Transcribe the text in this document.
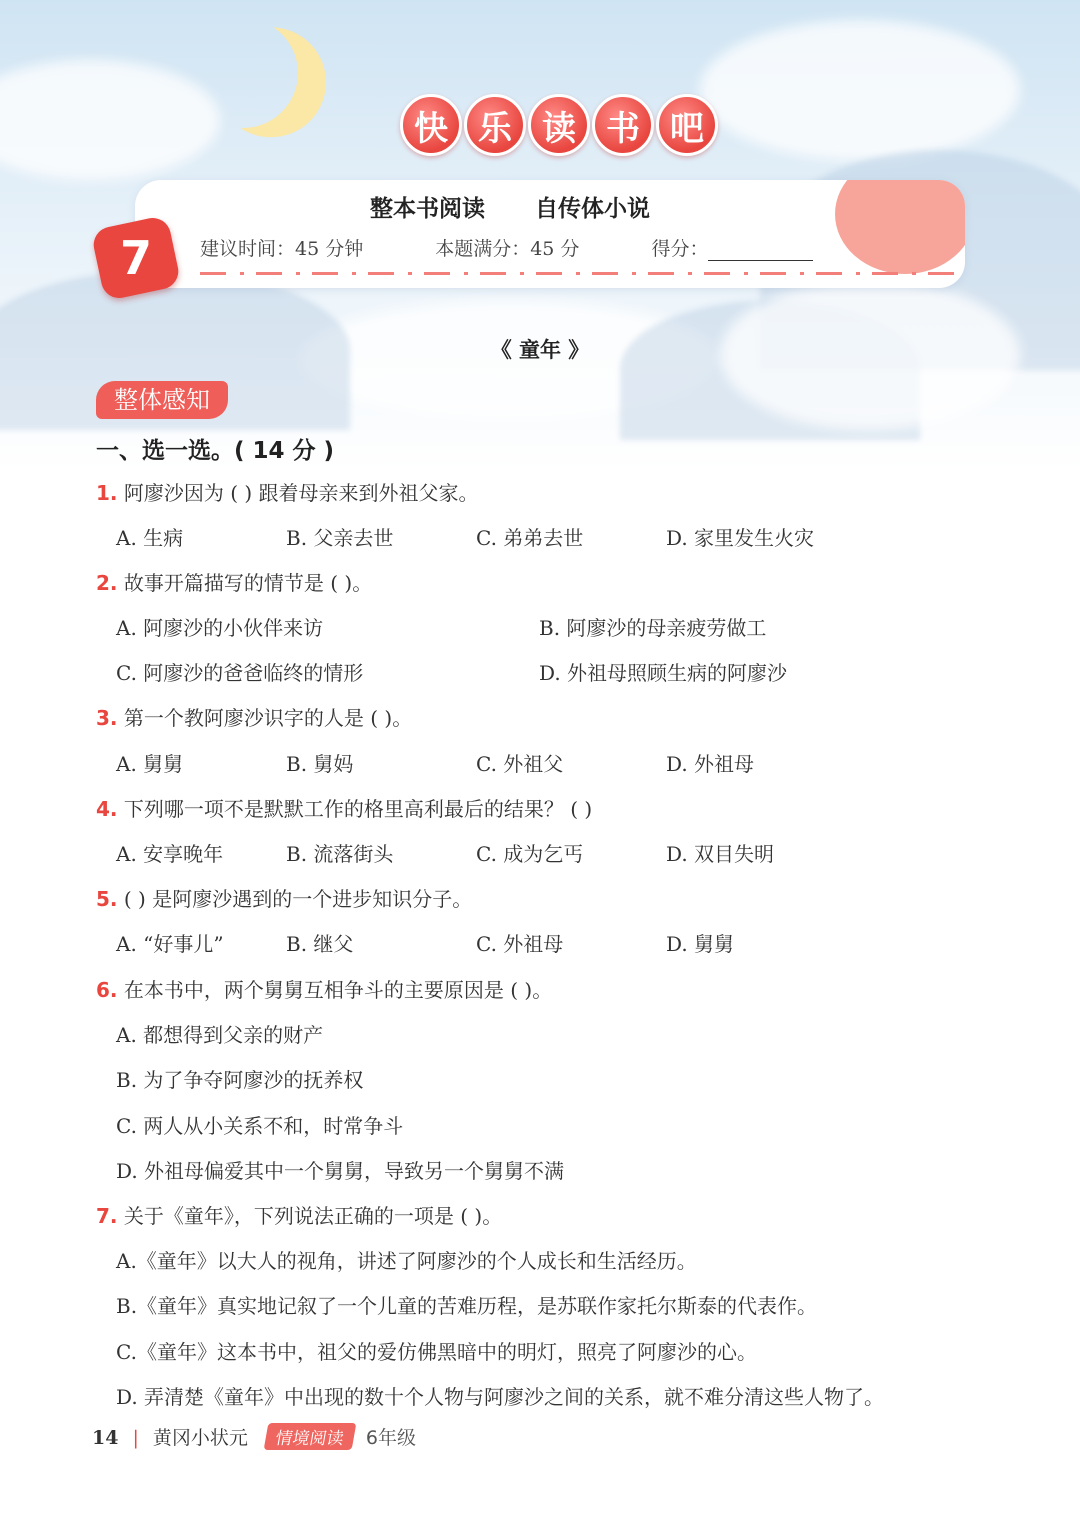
快 乐 读 书 吧
整本书阅读 自传体小说
建议时间：45 分钟	本题满分：45 分	得分：
7
《 童年 》
整体感知
一、选一选。( 14 分 )
1. 阿廖沙因为 ( ) 跟着母亲来到外祖父家。
A. 生病	B. 父亲去世	C. 弟弟去世	D. 家里发生火灾
2. 故事开篇描写的情节是 ( )。
A. 阿廖沙的小伙伴来访	B. 阿廖沙的母亲疲劳做工
C. 阿廖沙的爸爸临终的情形	D. 外祖母照顾生病的阿廖沙
3. 第一个教阿廖沙识字的人是 ( )。
A. 舅舅	B. 舅妈	C. 外祖父	D. 外祖母
4. 下列哪一项不是默默工作的格里高利最后的结果？ ( )
A. 安享晚年	B. 流落街头	C. 成为乞丐	D. 双目失明
5. ( ) 是阿廖沙遇到的一个进步知识分子。
A. “好事儿”	B. 继父	C. 外祖母	D. 舅舅
6. 在本书中，两个舅舅互相争斗的主要原因是 ( )。
A. 都想得到父亲的财产
B. 为了争夺阿廖沙的抚养权
C. 两人从小关系不和，时常争斗
D. 外祖母偏爱其中一个舅舅，导致另一个舅舅不满
7. 关于《童年》，下列说法正确的一项是 ( )。
A.《童年》以大人的视角，讲述了阿廖沙的个人成长和生活经历。
B.《童年》真实地记叙了一个儿童的苦难历程，是苏联作家托尔斯泰的代表作。
C.《童年》这本书中，祖父的爱仿佛黑暗中的明灯，照亮了阿廖沙的心。
D. 弄清楚《童年》中出现的数十个人物与阿廖沙之间的关系，就不难分清这些人物了。
14 | 黄冈小状元 情境阅读 6年级
